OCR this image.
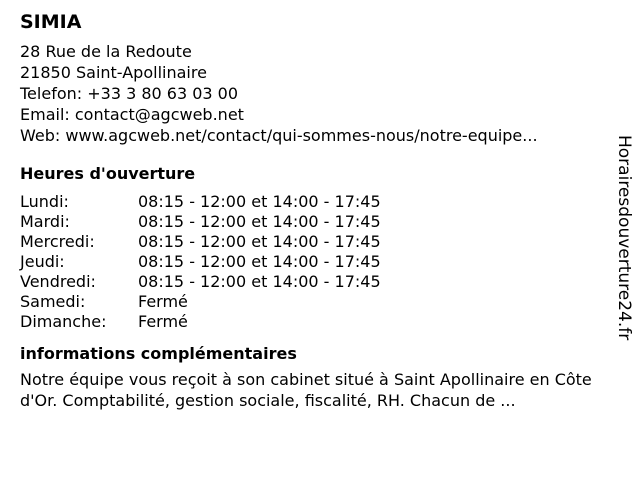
SIMIA
28 Rue de la Redoute
21850 Saint-Apollinaire
Telefon: +33 3 80 63 03 00
Email: contact@agcweb.net
Web: www.agcweb.net/contact/qui-sommes-nous/notre-equipe...
Heures d'ouverture
Lundi:	08:15 - 12:00 et 14:00 - 17:45
Mardi:	08:15 - 12:00 et 14:00 - 17:45
Mercredi:	08:15 - 12:00 et 14:00 - 17:45
Jeudi:	08:15 - 12:00 et 14:00 - 17:45
Vendredi:	08:15 - 12:00 et 14:00 - 17:45
Samedi:	Fermé
Dimanche:	Fermé
informations complémentaires
Notre équipe vous reçoit à son cabinet situé à Saint Apollinaire en Côte d'Or. Comptabilité, gestion sociale, fiscalité, RH. Chacun de ...
Horairesdouverture24.fr
